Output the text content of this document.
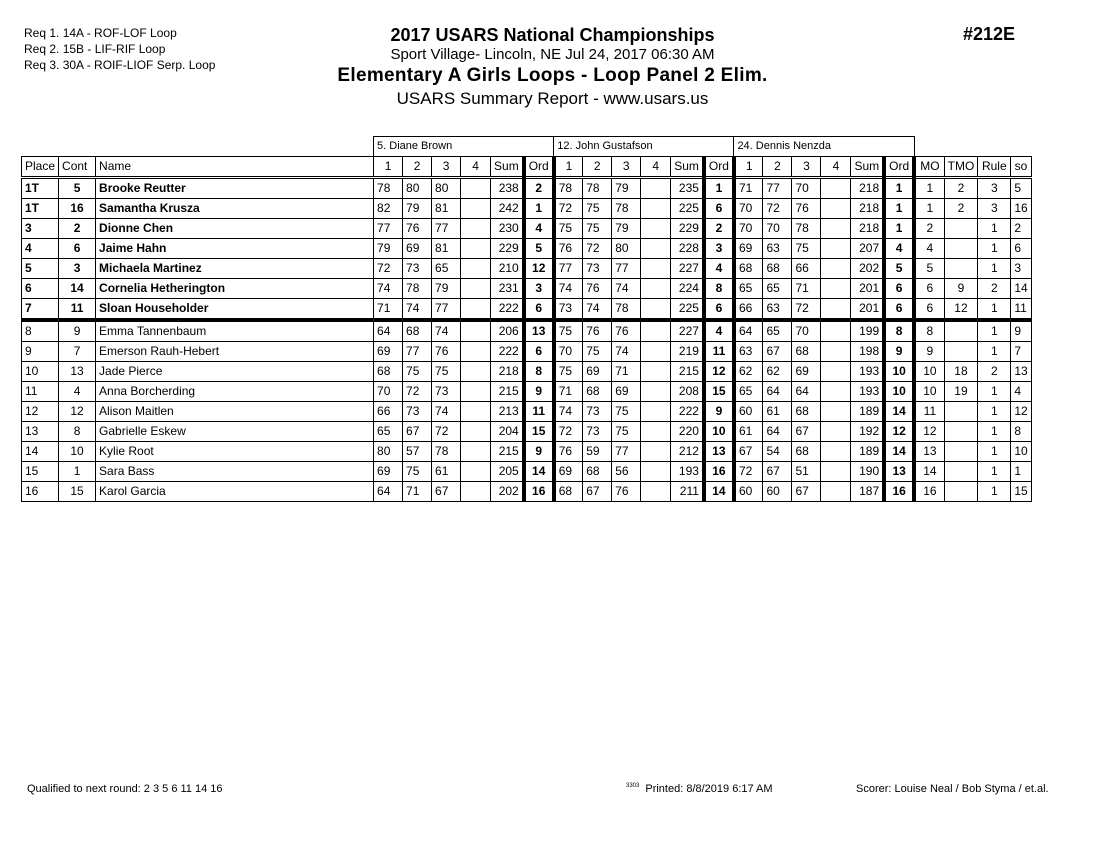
Req 1. 14A - ROF-LOF Loop
Req 2. 15B - LIF-RIF Loop
Req 3. 30A - ROIF-LIOF Serp. Loop
2017 USARS National Championships
Sport Village- Lincoln, NE Jul 24, 2017 06:30 AM
Elementary A Girls Loops - Loop Panel 2 Elim.
USARS Summary Report - www.usars.us
#212E
			5. Diane Brown						12. John Gustafson						24. Dennis Nenzda									
Place	Cont	Name	1	2	3	4	Sum	Ord	1	2	3	4	Sum	Ord	1	2	3	4	Sum	Ord	MO	TMO	Rule	so
1T	5	Brooke Reutter	78	80	80		238	2	78	78	79		235	1	71	77	70		218	1	1	2	3	5
1T	16	Samantha Krusza	82	79	81		242	1	72	75	78		225	6	70	72	76		218	1	1	2	3	16
3	2	Dionne Chen	77	76	77		230	4	75	75	79		229	2	70	70	78		218	1	2		1	2
4	6	Jaime Hahn	79	69	81		229	5	76	72	80		228	3	69	63	75		207	4	4		1	6
5	3	Michaela Martinez	72	73	65		210	12	77	73	77		227	4	68	68	66		202	5	5		1	3
6	14	Cornelia Hetherington	74	78	79		231	3	74	76	74		224	8	65	65	71		201	6	6	9	2	14
7	11	Sloan Householder	71	74	77		222	6	73	74	78		225	6	66	63	72		201	6	6	12	1	11
8	9	Emma Tannenbaum	64	68	74		206	13	75	76	76		227	4	64	65	70		199	8	8		1	9
9	7	Emerson Rauh-Hebert	69	77	76		222	6	70	75	74		219	11	63	67	68		198	9	9		1	7
10	13	Jade Pierce	68	75	75		218	8	75	69	71		215	12	62	62	69		193	10	10	18	2	13
11	4	Anna Borcherding	70	72	73		215	9	71	68	69		208	15	65	64	64		193	10	10	19	1	4
12	12	Alison Maitlen	66	73	74		213	11	74	73	75		222	9	60	61	68		189	14	11		1	12
13	8	Gabrielle Eskew	65	67	72		204	15	72	73	75		220	10	61	64	67		192	12	12		1	8
14	10	Kylie Root	80	57	78		215	9	76	59	77		212	13	67	54	68		189	14	13		1	10
15	1	Sara Bass	69	75	61		205	14	69	68	56		193	16	72	67	51		190	13	14		1	1
16	15	Karol Garcia	64	71	67		202	16	68	67	76		211	14	60	60	67		187	16	16		1	15
Qualified to next round: 2 3 5 6 11 14 16	$^{3303}$ Printed: 8/8/2019 6:17 AM	Scorer: Louise Neal / Bob Styma / et.al.
